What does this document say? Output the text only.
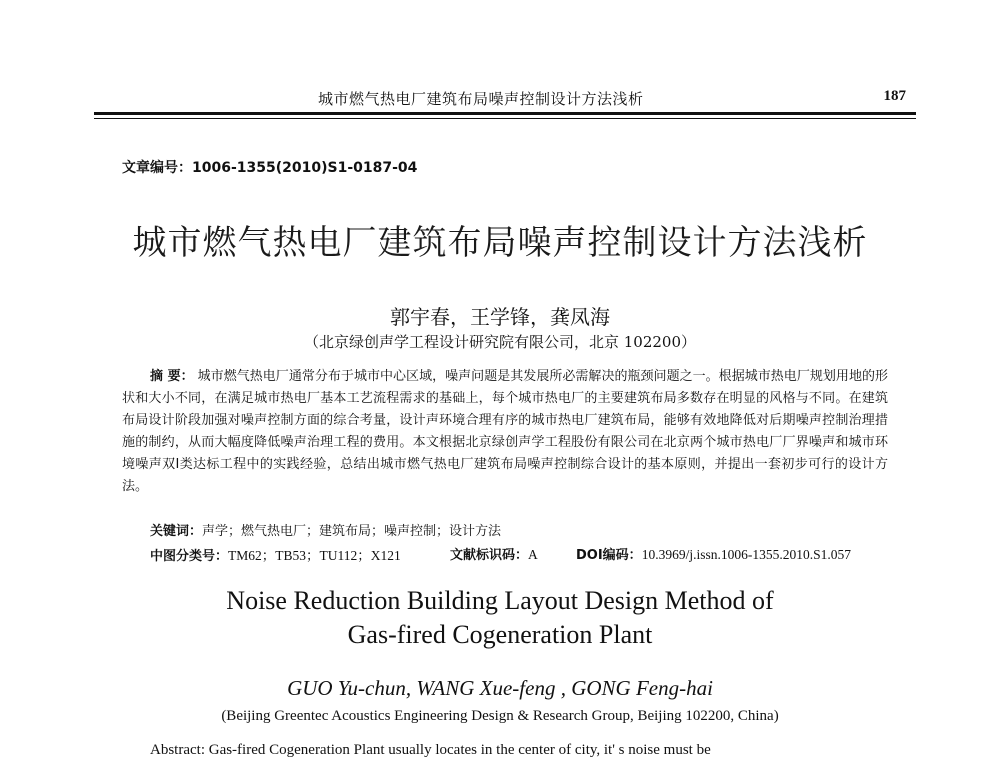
城市燃气热电厂建筑布局噪声控制设计方法浅析	187
文章编号：1006-1355(2010)S1-0187-04
城市燃气热电厂建筑布局噪声控制设计方法浅析
郭宇春，王学锋，龚凤海
（北京绿创声学工程设计研究院有限公司，北京 102200）
摘 要： 城市燃气热电厂通常分布于城市中心区域，噪声问题是其发展所必需解决的瓶颈问题之一。根据城市热电厂规划用地的形状和大小不同，在满足城市热电厂基本工艺流程需求的基础上，每个城市热电厂的主要建筑布局多数存在明显的风格与不同。在建筑布局设计阶段加强对噪声控制方面的综合考量，设计声环境合理有序的城市热电厂建筑布局，能够有效地降低对后期噪声控制治理措施的制约，从而大幅度降低噪声治理工程的费用。本文根据北京绿创声学工程股份有限公司在北京两个城市热电厂厂界噪声和城市环境噪声双I类达标工程中的实践经验，总结出城市燃气热电厂建筑布局噪声控制综合设计的基本原则，并提出一套初步可行的设计方法。
关键词：声学；燃气热电厂；建筑布局；噪声控制；设计方法
中图分类号：TM62；TB53；TU112；X121	文献标识码：A	DOI编码：10.3969/j.issn.1006-1355.2010.S1.057
Noise Reduction Building Layout Design Method of
Gas-fired Cogeneration Plant
GUO Yu-chun, WANG Xue-feng , GONG Feng-hai
(Beijing Greentec Acoustics Engineering Design & Research Group, Beijing 102200, China)
Abstract: Gas-fired Cogeneration Plant usually locates in the center of city, it' s noise must be
